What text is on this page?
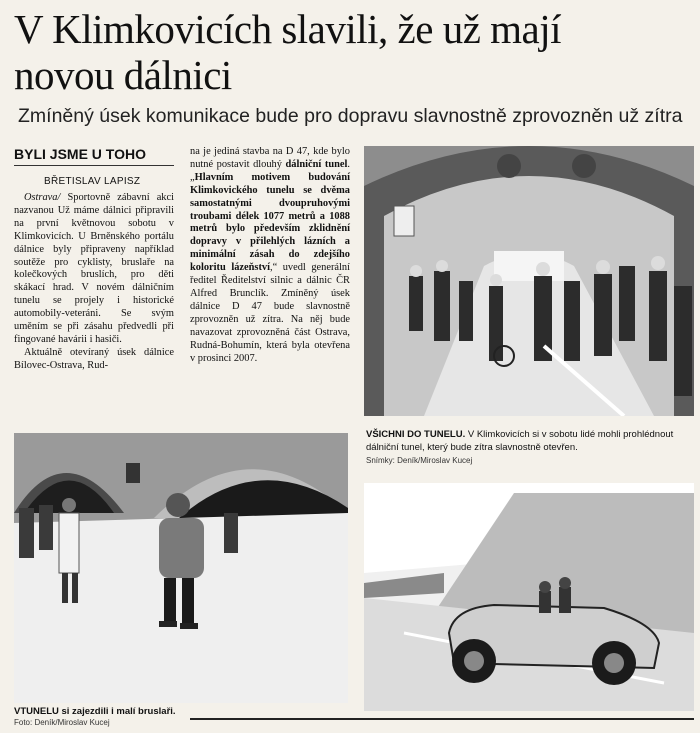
V Klimkovicích slavili, že už mají
novou dálnici
Zmíněný úsek komunikace bude pro dopravu slavnostně zprovozněn už zítra
BYLI JSME U TOHO
BŘETISLAV LAPISZ

Ostrava/ Sportovně zábavní akci nazvanou Už máme dálnici připravili na první květnovou sobotu v Klimkovicích. U Brněnského portálu dálnice byly připraveny například soutěže pro cyklisty, bruslaře na kolečkových bruslích, pro děti skákací hrad. V novém dálničním tunelu se projely i historické automobily-veteráni. Se svým uměním se při zásahu předvedli při fingované havárii i hasiči.

Aktuálně otevíraný úsek dálnice Bílovec-Ostrava, Rud-

na je jediná stavba na D 47, kde bylo nutné postavit dlouhý dálniční tunel. „Hlavním motivem budování Klimkovického tunelu se dvěma samostatnými dvoupruhovými troubami délek 1077 metrů a 1088 metrů bylo především zklidnění dopravy v přilehlých lázních a minimální zásah do zdejšího koloritu lázeňství,“ uvedl generální ředitel Ředitelství silnic a dálnic ČR Alfred Brunclík. Zmíněný úsek dálnice D 47 bude slavnostně zprovozněn už zítra. Na něj bude navazovat zprovozněná část Ostrava, Rudná-Bohumín, která byla otevřena v prosinci 2007.

VŠICHNI DO TUNELU. V Klimkovicích si v sobotu lidé mohli prohlédnout dálniční tunel, který bude zítra slavnostně otevřen.
Snímky: Deník/Miroslav Kucej
VTUNELU si zajezdili i malí bruslaři. Foto: Deník/Miroslav Kucej
